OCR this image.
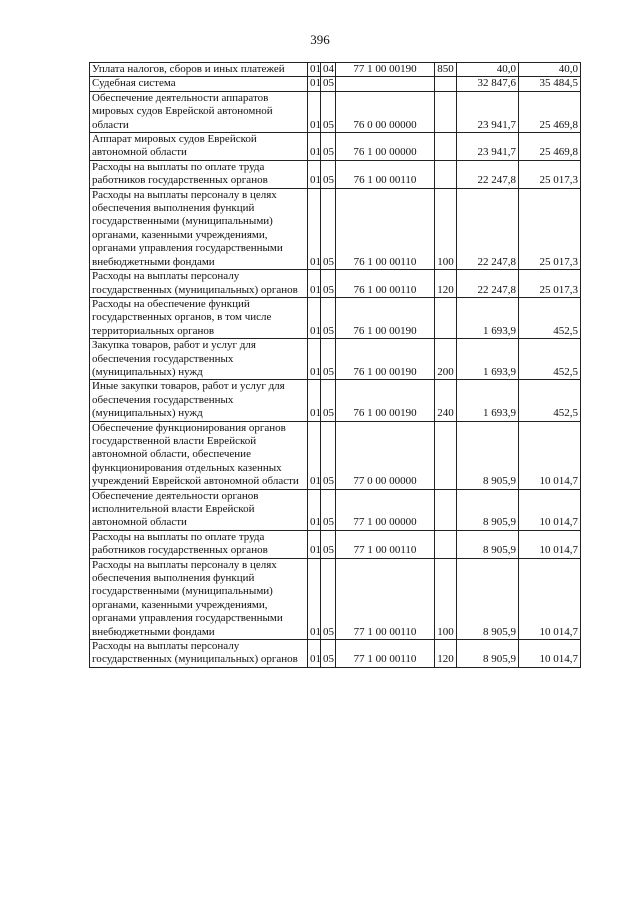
396
Уплата налогов, сборов и иных платежей	01	04	77 1 00 00190	850	40,0	40,0
Судебная система	01	05			32 847,6	35 484,5
Обеспечение деятельности аппаратов мировых судов Еврейской автономной области	01	05	76 0 00 00000		23 941,7	25 469,8
Аппарат мировых судов Еврейской автономной области	01	05	76 1 00 00000		23 941,7	25 469,8
Расходы на выплаты по оплате труда работников государственных органов	01	05	76 1 00 00110		22 247,8	25 017,3
Расходы на выплаты персоналу в целях обеспечения выполнения функций государственными (муниципальными) органами, казенными учреждениями, органами управления государственными внебюджетными фондами	01	05	76 1 00 00110	100	22 247,8	25 017,3
Расходы на выплаты персоналу государственных (муниципальных) органов	01	05	76 1 00 00110	120	22 247,8	25 017,3
Расходы на обеспечение функций государственных органов, в том числе территориальных органов	01	05	76 1 00 00190		1 693,9	452,5
Закупка товаров, работ и услуг для обеспечения государственных (муниципальных) нужд	01	05	76 1 00 00190	200	1 693,9	452,5
Иные закупки товаров, работ и услуг для обеспечения государственных (муниципальных) нужд	01	05	76 1 00 00190	240	1 693,9	452,5
Обеспечение функционирования органов государственной власти Еврейской автономной области, обеспечение функционирования отдельных казенных учреждений Еврейской автономной области	01	05	77 0 00 00000		8 905,9	10 014,7
Обеспечение деятельности органов исполнительной власти Еврейской автономной области	01	05	77 1 00 00000		8 905,9	10 014,7
Расходы на выплаты по оплате труда работников государственных органов	01	05	77 1 00 00110		8 905,9	10 014,7
Расходы на выплаты персоналу в целях обеспечения выполнения функций государственными (муниципальными) органами, казенными учреждениями, органами управления государственными внебюджетными фондами	01	05	77 1 00 00110	100	8 905,9	10 014,7
Расходы на выплаты персоналу государственных (муниципальных) органов	01	05	77 1 00 00110	120	8 905,9	10 014,7
